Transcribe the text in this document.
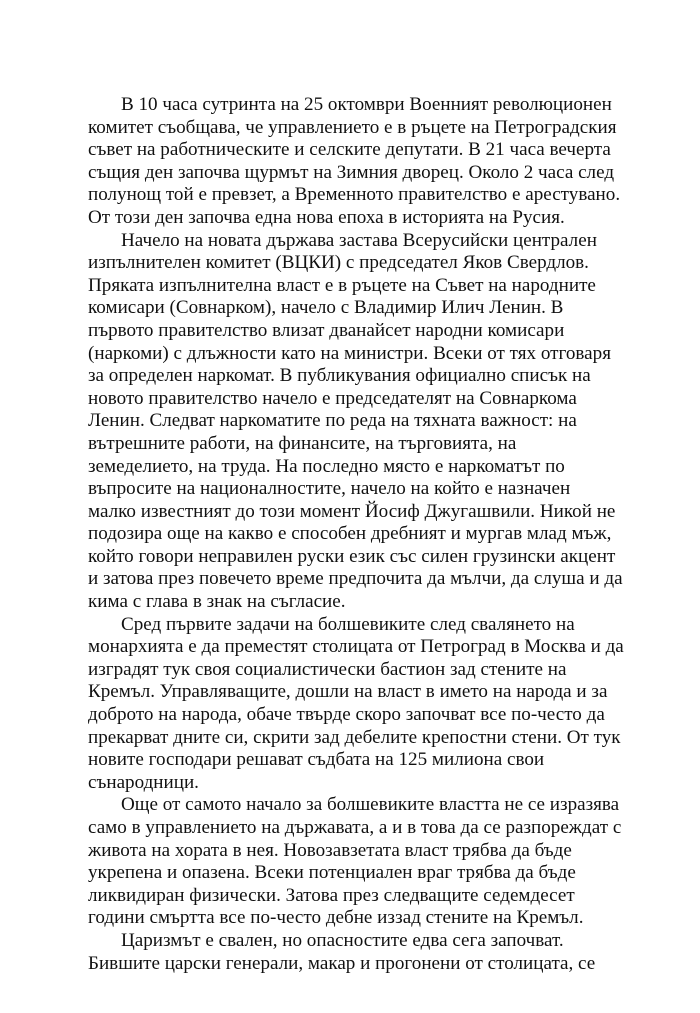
В 10 часа сутринта на 25 октомври Военният революционен
комитет съобщава, че управлението е в ръцете на Петроградския
съвет на работническите и селските депутати. В 21 часа вечерта
същия ден започва щурмът на Зимния дворец. Около 2 часа след
полунощ той е превзет, а Временното правителство е арестувано.
От този ден започва една нова епоха в историята на Русия.
Начело на новата държава застава Всерусийски централен
изпълнителен комитет (ВЦКИ) с председател Яков Свердлов.
Пряката изпълнителна власт е в ръцете на Съвет на народните
комисари (Совнарком), начело с Владимир Илич Ленин. В
първото правителство влизат дванайсет народни комисари
(наркоми) с длъжности като на министри. Всеки от тях отговаря
за определен наркомат. В публикувания официално списък на
новото правителство начело е председателят на Совнаркома
Ленин. Следват наркоматите по реда на тяхната важност: на
вътрешните работи, на финансите, на търговията, на
земеделието, на труда. На последно място е наркоматът по
въпросите на националностите, начело на който е назначен
малко известният до този момент Йосиф Джугашвили. Никой не
подозира още на какво е способен дребният и мургав млад мъж,
който говори неправилен руски език със силен грузински акцент
и затова през повечето време предпочита да мълчи, да слуша и да
кима с глава в знак на съгласие.
Сред първите задачи на болшевиките след свалянето на
монархията е да преместят столицата от Петроград в Москва и да
изградят тук своя социалистически бастион зад стените на
Кремъл. Управляващите, дошли на власт в името на народа и за
доброто на народа, обаче твърде скоро започват все по-често да
прекарват дните си, скрити зад дебелите крепостни стени. От тук
новите господари решават съдбата на 125 милиона свои
сънародници.
Още от самото начало за болшевиките властта не се изразява
само в управлението на държавата, а и в това да се разпореждат с
живота на хората в нея. Новозавзетата власт трябва да бъде
укрепена и опазена. Всеки потенциален враг трябва да бъде
ликвидиран физически. Затова през следващите седемдесет
години смъртта все по-често дебне иззад стените на Кремъл.
Царизмът е свален, но опасностите едва сега започват.
Бившите царски генерали, макар и прогонени от столицата, се
